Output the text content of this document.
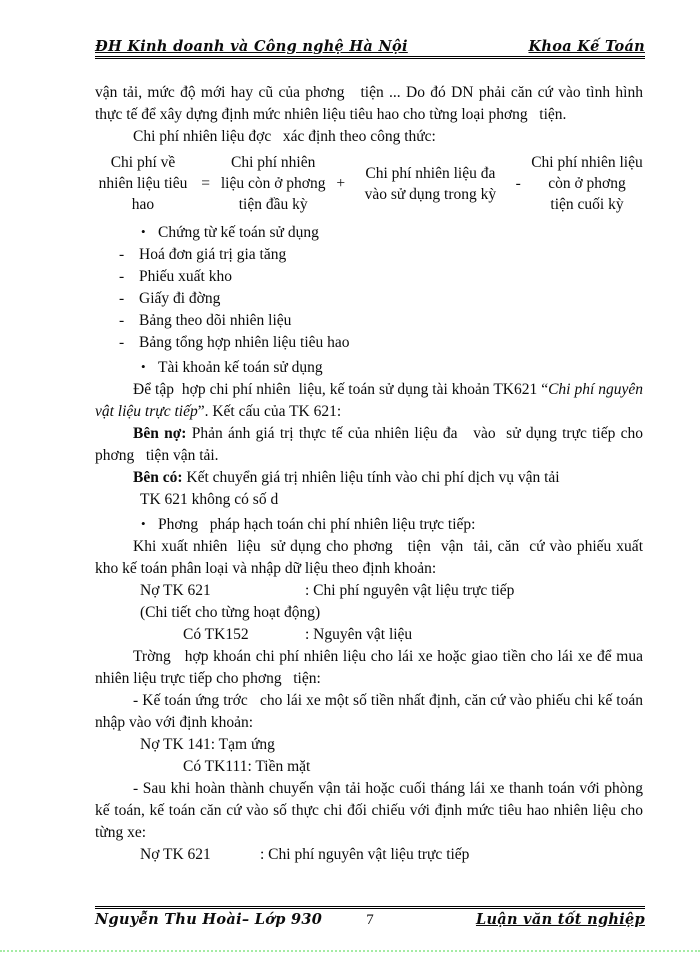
ĐH Kinh doanh và Công nghệ Hà Nội	Khoa Kế Toán

vận tải, mức độ mới hay cũ của phơng   tiện ... Do đó DN phải căn cứ vào tình hình thực tế để xây dựng định mức nhiên liệu tiêu hao cho từng loại phơng   tiện.

Chi phí nhiên liệu đợc   xác định theo công thức:

Chi phí về nhiên liệu tiêu hao
=
Chi phí nhiên liệu còn ở phơng   tiện đầu kỳ
+
Chi phí nhiên liệu đa   vào sử dụng trong kỳ
-
Chi phí nhiên liệu còn ở phơng   tiện cuối kỳ

• Chứng từ kế toán sử dụng

- Hoá đơn giá trị gia tăng

- Phiếu xuất kho

- Giấy đi đờng

- Bảng theo dõi nhiên liệu

- Bảng tổng hợp nhiên liệu tiêu hao

• Tài khoản kế toán sử dụng

Để tập  hợp chi phí nhiên  liệu, kế toán sử dụng tài khoản TK621 “Chi phí nguyên vật liệu trực tiếp”. Kết cấu của TK 621:

Bên nợ: Phản ánh giá trị thực tế của nhiên liệu đa   vào  sử dụng trực tiếp cho phơng   tiện vận tải.

Bên có: Kết chuyển giá trị nhiên liệu tính vào chi phí dịch vụ vận tải

TK 621 không có số d

• Phơng   pháp hạch toán chi phí nhiên liệu trực tiếp:

Khi xuất nhiên  liệu  sử dụng cho phơng   tiện  vận  tải, căn  cứ vào phiếu xuất kho kế toán phân loại và nhập dữ liệu theo định khoản:

Nợ TK 621	: Chi phí nguyên vật liệu trực tiếp

(Chi tiết cho từng hoạt động)

Có TK152	: Nguyên vật liệu

Trờng   hợp khoán chi phí nhiên liệu cho lái xe hoặc giao tiền cho lái xe để mua nhiên liệu trực tiếp cho phơng   tiện:

- Kế toán ứng trớc   cho lái xe một số tiền nhất định, căn cứ vào phiếu chi kế toán nhập vào với định khoản:

Nợ TK 141: Tạm ứng

Có TK111: Tiền mặt

- Sau khi hoàn thành chuyến vận tải hoặc cuối tháng lái xe thanh toán với phòng kế toán, kế toán căn cứ vào số thực chi đối chiếu với định mức tiêu hao nhiên liệu cho từng xe:

Nợ TK 621	: Chi phí nguyên vật liệu trực tiếp

Nguyễn Thu Hoài– Lớp 930	7	Luận văn tốt nghiệp
